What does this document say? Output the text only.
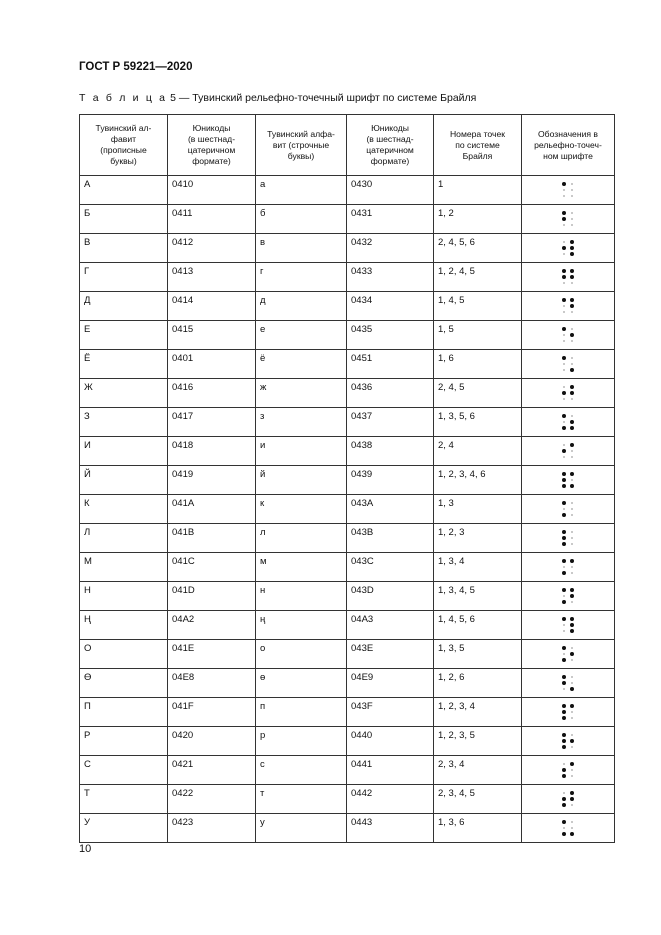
ГОСТ Р 59221—2020
Т а б л и ц а 5 — Тувинский рельефно-точечный шрифт по системе Брайля
Тувинский ал-
фавит
(прописные
буквы)	Юникоды
(в шестнад-
цатеричном
формате)	Тувинский алфа-
вит (строчные
буквы)	Юникоды
(в шестнад-
цатеричном
формате)	Номера точек
по системе
Брайля	Обозначения в
рельефно-точеч-
ном шрифте

А	0410	а	0430	1	

Б	0411	б	0431	1, 2	

В	0412	в	0432	2, 4, 5, 6	

Г	0413	г	0433	1, 2, 4, 5	

Д	0414	д	0434	1, 4, 5	

Е	0415	е	0435	1, 5	

Ё	0401	ё	0451	1, 6	

Ж	0416	ж	0436	2, 4, 5	

З	0417	з	0437	1, 3, 5, 6	

И	0418	и	0438	2, 4	

Й	0419	й	0439	1, 2, 3, 4, 6	

К	041A	к	043A	1, 3	

Л	041B	л	043B	1, 2, 3	

М	041C	м	043C	1, 3, 4	

Н	041D	н	043D	1, 3, 4, 5	

Ң	04A2	ң	04A3	1, 4, 5, 6	

О	041E	о	043E	1, 3, 5	

Ө	04E8	ө	04E9	1, 2, 6	

П	041F	п	043F	1, 2, 3, 4	

Р	0420	р	0440	1, 2, 3, 5	

С	0421	с	0441	2, 3, 4	

Т	0422	т	0442	2, 3, 4, 5	

У	0423	у	0443	1, 3, 6	

10
